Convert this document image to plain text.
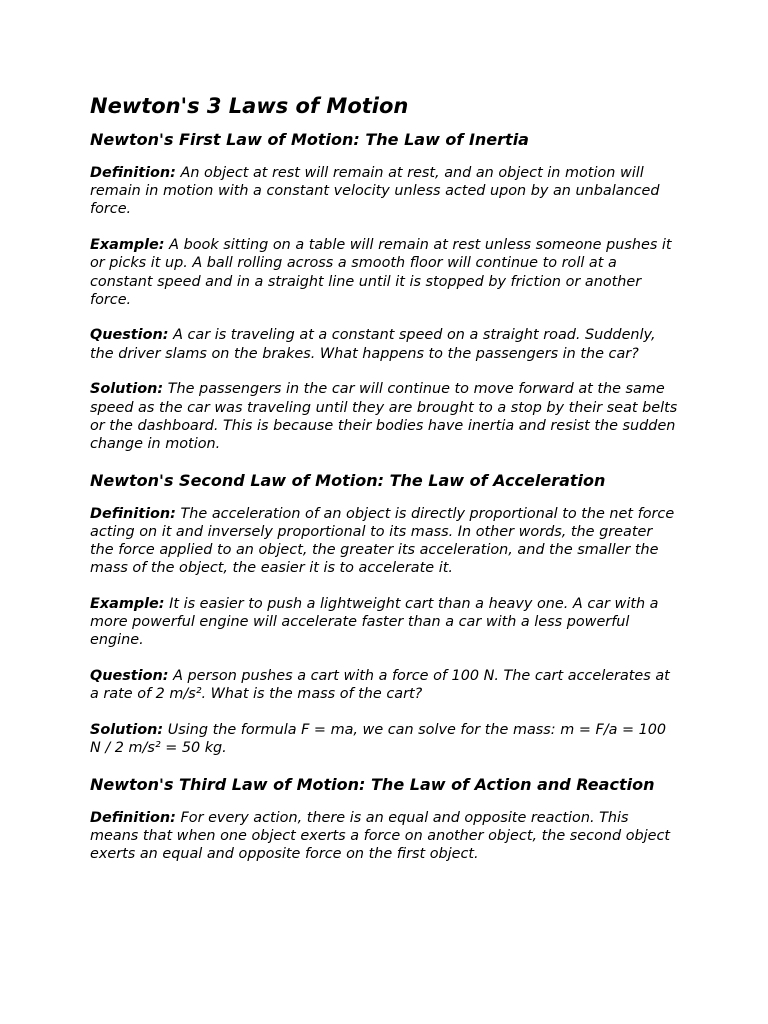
Newton's 3 Laws of Motion
Newton's First Law of Motion: The Law of Inertia

Definition: An object at rest will remain at rest, and an object in motion will remain in motion with a constant velocity unless acted upon by an unbalanced force.

Example: A book sitting on a table will remain at rest unless someone pushes it or picks it up. A ball rolling across a smooth floor will continue to roll at a constant speed and in a straight line until it is stopped by friction or another force.

Question: A car is traveling at a constant speed on a straight road. Suddenly, the driver slams on the brakes. What happens to the passengers in the car?

Solution: The passengers in the car will continue to move forward at the same speed as the car was traveling until they are brought to a stop by their seat belts or the dashboard. This is because their bodies have inertia and resist the sudden change in motion.

Newton's Second Law of Motion: The Law of Acceleration

Definition: The acceleration of an object is directly proportional to the net force acting on it and inversely proportional to its mass. In other words, the greater the force applied to an object, the greater its acceleration, and the smaller the mass of the object, the easier it is to accelerate it.

Example: It is easier to push a lightweight cart than a heavy one. A car with a more powerful engine will accelerate faster than a car with a less powerful engine.

Question: A person pushes a cart with a force of 100 N. The cart accelerates at a rate of 2 m/s². What is the mass of the cart?

Solution: Using the formula F = ma, we can solve for the mass: m = F/a = 100 N / 2 m/s² = 50 kg.

Newton's Third Law of Motion: The Law of Action and Reaction

Definition: For every action, there is an equal and opposite reaction. This means that when one object exerts a force on another object, the second object exerts an equal and opposite force on the first object.
